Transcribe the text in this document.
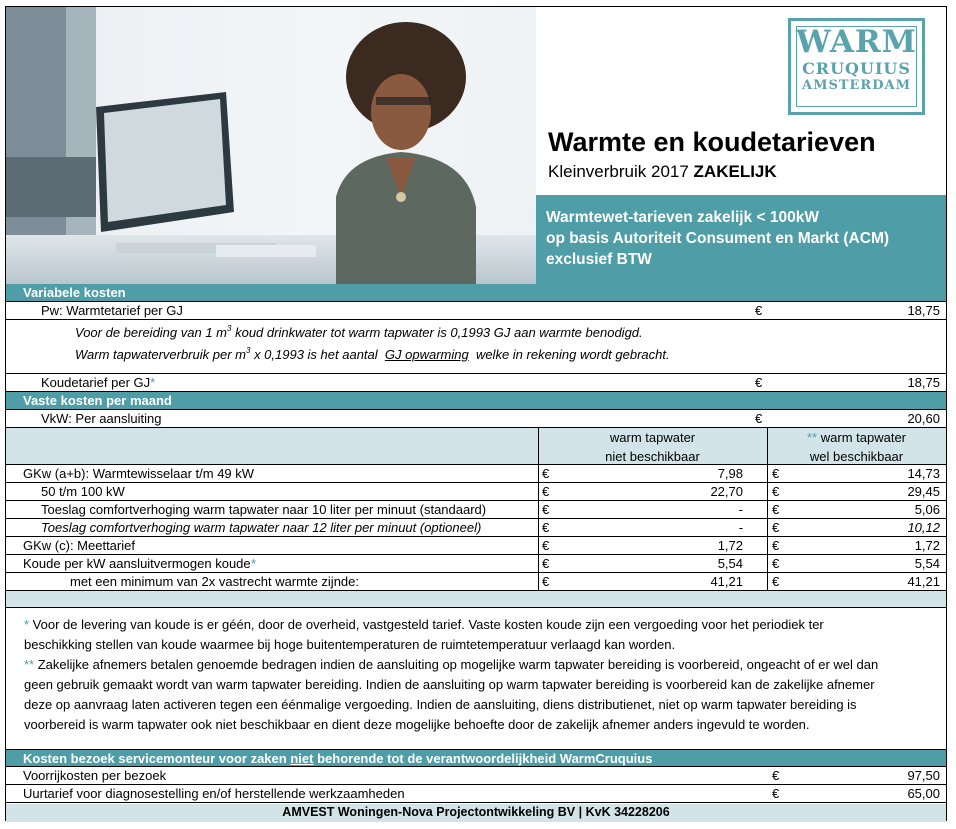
WARM
CRUQUIUS
AMSTERDAM
Warmte en koudetarieven
Kleinverbruik 2017 ZAKELIJK
Warmtewet-tarieven zakelijk < 100kW
op basis Autoriteit Consument en Markt (ACM)
exclusief BTW
Variabele kosten
Pw: Warmtetarief per GJ	€	18,75
Voor de bereiding van 1 $m^3$ koud drinkwater tot warm tapwater is 0,1993 GJ aan warmte benodigd.
Warm tapwaterverbruik per $m^3$ x 0,1993 is het aantal GJ opwarming welke in rekening wordt gebracht.
Koudetarief per GJ*	€	18,75
Vaste kosten per maand
VkW: Per aansluiting	€	20,60
warm tapwater
niet beschikbaar
** warm tapwater
wel beschikbaar
GKw (a+b): Warmtewisselaar t/m 49 kW	€	7,98 €	14,73
50 t/m 100 kW	€	22,70 €	29,45
Toeslag comfortverhoging warm tapwater naar 10 liter per minuut (standaard)	€	- €	5,06
Toeslag comfortverhoging warm tapwater naar 12 liter per minuut (optioneel)	€	- €	10,12
GKw (c): Meettarief	€	1,72 €	1,72
Koude per kW aansluitvermogen koude *	€	5,54 €	5,54
met een minimum van 2x vastrecht warmte zijnde:	€	41,21 €	41,21

* Voor de levering van koude is er géén, door de overheid, vastgesteld tarief. Vaste kosten koude zijn een vergoeding voor het periodiek ter

beschikking stellen van koude waarmee bij hoge buitentemperaturen de ruimtetemperatuur verlaagd kan worden.

** Zakelijke afnemers betalen genoemde bedragen indien de aansluiting op mogelijke warm tapwater bereiding is voorbereid, ongeacht of er wel dan

geen gebruik gemaakt wordt van warm tapwater bereiding. Indien de aansluiting op warm tapwater bereiding is voorbereid kan de zakelijke afnemer

deze op aanvraag laten activeren tegen een éénmalige vergoeding. Indien de aansluiting, diens distributienet, niet op warm tapwater bereiding is

voorbereid is warm tapwater ook niet beschikbaar en dient deze mogelijke behoefte door de zakelijk afnemer anders ingevuld te worden.

Kosten bezoek servicemonteur voor zaken niet behorende tot de verantwoordelijkheid WarmCruquius
Voorrijkosten per bezoek	€	97,50
Uurtarief voor diagnosestelling en/of herstellende werkzaamheden	€	65,00
AMVEST Woningen-Nova Projectontwikkeling BV | KvK 34228206
